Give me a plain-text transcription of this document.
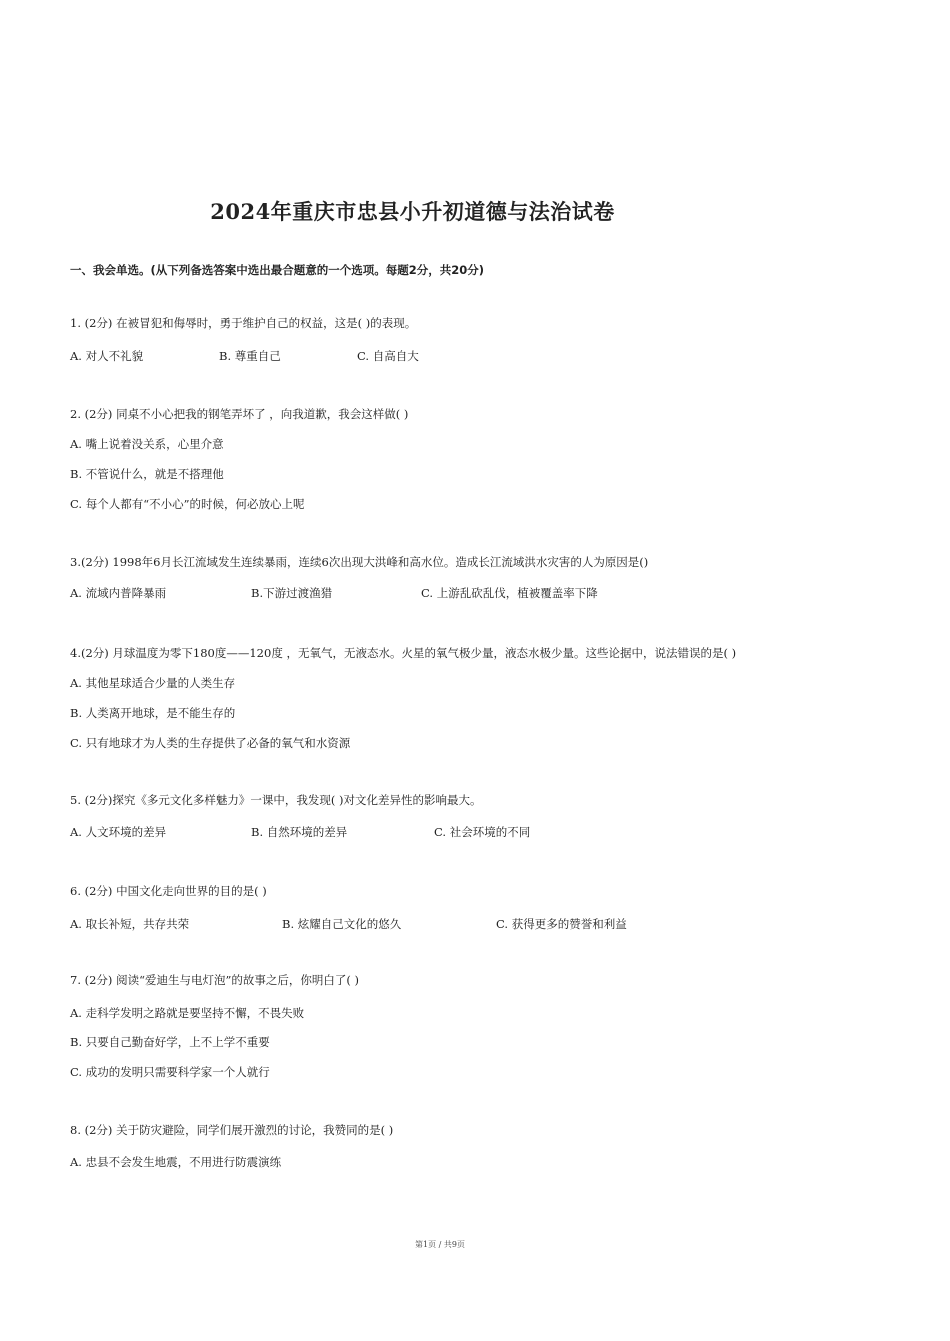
2024年重庆市忠县小升初道德与法治试卷
一、我会单选。(从下列备选答案中选出最合题意的一个选项。每题2分，共20分)
1. (2分) 在被冒犯和侮辱时，勇于维护自己的权益，这是( )的表现。
A. 对人不礼貌	B. 尊重自己	C. 自高自大
2. (2分) 同桌不小心把我的钢笔弄坏了 ，向我道歉，我会这样做( )
A. 嘴上说着没关系，心里介意
B. 不管说什么，就是不搭理他
C. 每个人都有“不小心”的时候，何必放心上呢
3.(2分) 1998年6月长江流域发生连续暴雨，连续6次出现大洪峰和高水位。造成长江流域洪水灾害的人为原因是()
A. 流域内普降暴雨	B.下游过渡渔猎	C. 上游乱砍乱伐，植被覆盖率下降
4.(2分) 月球温度为零下180度——120度 ，无氧气，无液态水。火星的氧气极少量，液态水极少量。这些论据中，说法错误的是( )
A. 其他星球适合少量的人类生存
B. 人类离开地球，是不能生存的
C. 只有地球才为人类的生存提供了必备的氧气和水资源
5. (2分)探究《多元文化多样魅力》一课中，我发现( )对文化差异性的影响最大。
A. 人文环境的差异	B. 自然环境的差异	C. 社会环境的不同
6. (2分) 中国文化走向世界的目的是( )
A. 取长补短，共存共荣	B. 炫耀自己文化的悠久	C. 获得更多的赞誉和利益
7. (2分) 阅读“爱迪生与电灯泡”的故事之后，你明白了( )
A. 走科学发明之路就是要坚持不懈，不畏失败
B. 只要自己勤奋好学，上不上学不重要
C. 成功的发明只需要科学家一个人就行
8. (2分) 关于防灾避险，同学们展开激烈的讨论，我赞同的是( )
A. 忠县不会发生地震，不用进行防震演练
第1页 / 共9页
